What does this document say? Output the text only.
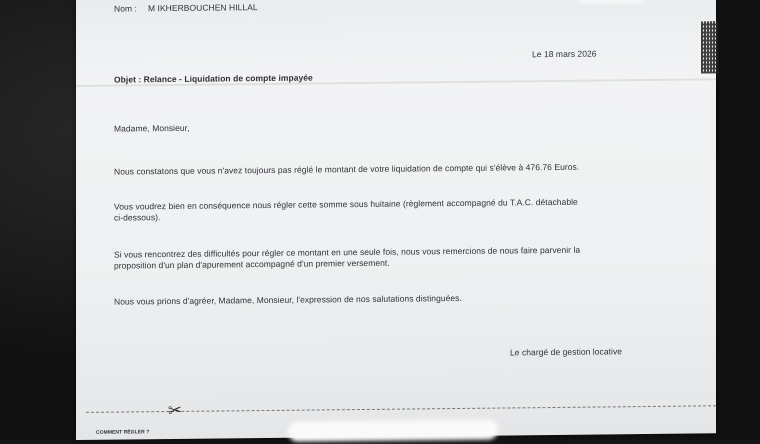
Nom : M IKHERBOUCHEN HILLAL
Le 18 mars 2026
Objet : Relance - Liquidation de compte impayée
Madame, Monsieur,
Nous constatons que vous n'avez toujours pas réglé le montant de votre liquidation de compte qui s'élève à 476.76 Euros.
Vous voudrez bien en conséquence nous régler cette somme sous huitaine (règlement accompagné du T.A.C. détachable
ci-dessous).
Si vous rencontrez des difficultés pour régler ce montant en une seule fois, nous vous remercions de nous faire parvenir la
proposition d'un plan d'apurement accompagné d'un premier versement.
Nous vous prions d'agréer, Madame, Monsieur, l'expression de nos salutations distinguées.
Le chargé de gestion locative
✂
COMMENT RÉGLER ?
